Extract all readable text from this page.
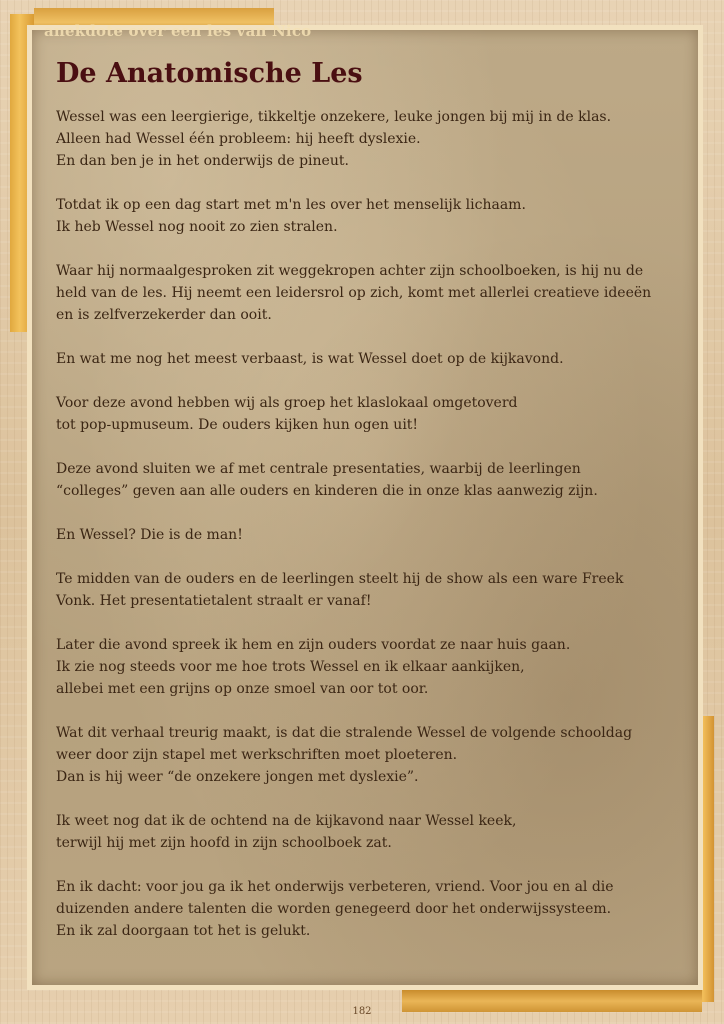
anekdote over een les van Nico
De Anatomische Les

Wessel was een leergierige, tikkeltje onzekere, leuke jongen bij mij in de klas.
Alleen had Wessel één probleem: hij heeft dyslexie.
En dan ben je in het onderwijs de pineut.

Totdat ik op een dag start met m'n les over het menselijk lichaam.
Ik heb Wessel nog nooit zo zien stralen.

Waar hij normaalgesproken zit weggekropen achter zijn schoolboeken, is hij nu de
held van de les. Hij neemt een leidersrol op zich, komt met allerlei creatieve ideeën
en is zelfverzekerder dan ooit.

En wat me nog het meest verbaast, is wat Wessel doet op de kijkavond.

Voor deze avond hebben wij als groep het klaslokaal omgetoverd
tot pop-upmuseum. De ouders kijken hun ogen uit!

Deze avond sluiten we af met centrale presentaties, waarbij de leerlingen
“colleges” geven aan alle ouders en kinderen die in onze klas aanwezig zijn.

En Wessel? Die is de man!

Te midden van de ouders en de leerlingen steelt hij de show als een ware Freek
Vonk. Het presentatietalent straalt er vanaf!

Later die avond spreek ik hem en zijn ouders voordat ze naar huis gaan.
Ik zie nog steeds voor me hoe trots Wessel en ik elkaar aankijken,
allebei met een grijns op onze smoel van oor tot oor.

Wat dit verhaal treurig maakt, is dat die stralende Wessel de volgende schooldag
weer door zijn stapel met werkschriften moet ploeteren.
Dan is hij weer “de onzekere jongen met dyslexie”.

Ik weet nog dat ik de ochtend na de kijkavond naar Wessel keek,
terwijl hij met zijn hoofd in zijn schoolboek zat.

En ik dacht: voor jou ga ik het onderwijs verbeteren, vriend. Voor jou en al die
duizenden andere talenten die worden genegeerd door het onderwijssysteem.
En ik zal doorgaan tot het is gelukt.

182
